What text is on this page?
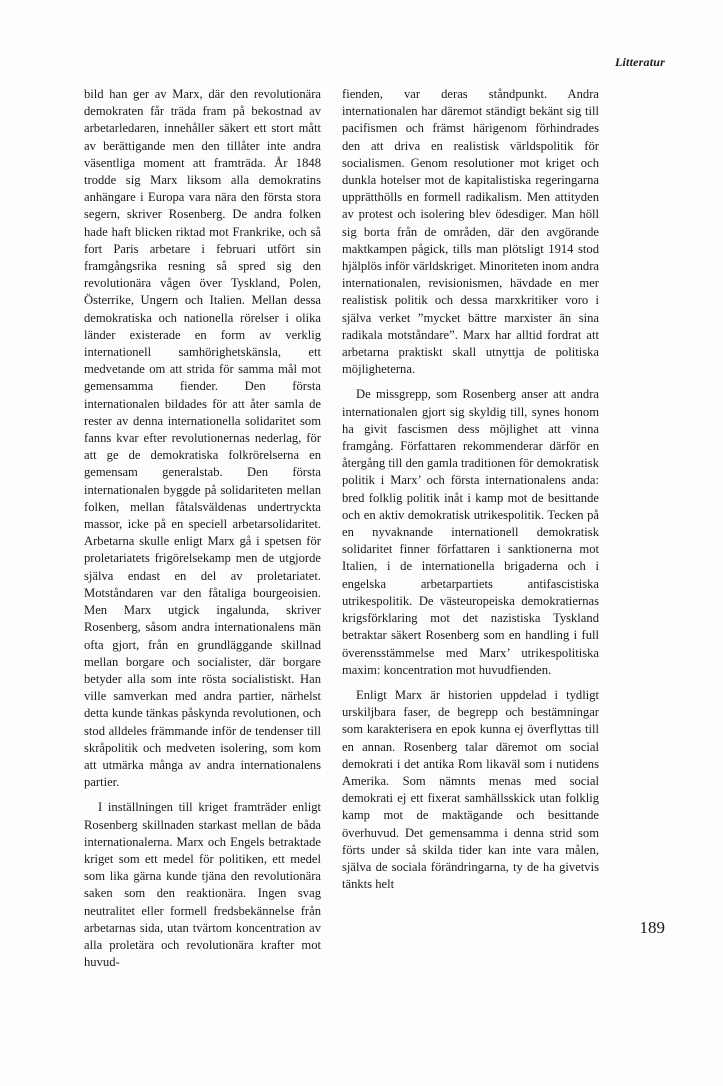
Litteratur

bild han ger av Marx, där den revolutionära demokraten får träda fram på bekostnad av arbetarledaren, innehåller säkert ett stort mått av berättigande men den tillåter inte andra väsentliga moment att framträda. År 1848 trodde sig Marx liksom alla demokratins anhängare i Europa vara nära den första stora segern, skriver Rosenberg. De andra folken hade haft blicken riktad mot Frankrike, och så fort Paris arbetare i februari utfört sin framgångsrika resning så spred sig den revolutionära vågen över Tyskland, Polen, Österrike, Ungern och Italien. Mellan dessa demokratiska och nationella rörelser i olika länder existerade en form av verklig internationell samhörighetskänsla, ett medvetande om att strida för samma mål mot gemensamma fiender. Den första internationalen bildades för att åter samla de rester av denna internationella solidaritet som fanns kvar efter revolutionernas nederlag, för att ge de demokratiska folkrörelserna en gemensam generalstab. Den första internationalen byggde på solidariteten mellan folken, mellan fåtalsväldenas undertryckta massor, icke på en speciell arbetarsolidaritet. Arbetarna skulle enligt Marx gå i spetsen för proletariatets frigörelsekamp men de utgjorde själva endast en del av proletariatet. Motståndaren var den fåtaliga bourgeoisien. Men Marx utgick ingalunda, skriver Rosenberg, såsom andra internationalens män ofta gjort, från en grundläggande skillnad mellan borgare och socialister, där borgare betyder alla som inte rösta socialistiskt. Han ville samverkan med andra partier, närhelst detta kunde tänkas påskynda revolutionen, och stod alldeles främmande inför de tendenser till skråpolitik och medveten isolering, som kom att utmärka många av andra internationalens partier.

I inställningen till kriget framträder enligt Rosenberg skillnaden starkast mellan de båda internationalerna. Marx och Engels betraktade kriget som ett medel för politiken, ett medel som lika gärna kunde tjäna den revolutionära saken som den reaktionära. Ingen svag neutralitet eller formell fredsbekännelse från arbetarnas sida, utan tvärtom koncentration av alla proletära och revolutionära krafter mot huvud-

fienden, var deras ståndpunkt. Andra internationalen har däremot ständigt bekänt sig till pacifismen och främst härigenom förhindrades den att driva en realistisk världspolitik för socialismen. Genom resolutioner mot kriget och dunkla hotelser mot de kapitalistiska regeringarna upprätthölls en formell radikalism. Men attityden av protest och isolering blev ödesdiger. Man höll sig borta från de områden, där den avgörande maktkampen pågick, tills man plötsligt 1914 stod hjälplös inför världskriget. Minoriteten inom andra internationalen, revisionismen, hävdade en mer realistisk politik och dessa marxkritiker voro i själva verket ”mycket bättre marxister än sina radikala motståndare”. Marx har alltid fordrat att arbetarna praktiskt skall utnyttja de politiska möjligheterna.

De missgrepp, som Rosenberg anser att andra internationalen gjort sig skyldig till, synes honom ha givit fascismen dess möjlighet att vinna framgång. Författaren rekommenderar därför en återgång till den gamla traditionen för demokratisk politik i Marx’ och första internationalens anda: bred folklig politik inåt i kamp mot de besittande och en aktiv demokratisk utrikespolitik. Tecken på en nyvaknande internationell demokratisk solidaritet finner författaren i sanktionerna mot Italien, i de internationella brigaderna och i engelska arbetarpartiets antifascistiska utrikespolitik. De västeuropeiska demokratiernas krigsförklaring mot det nazistiska Tyskland betraktar säkert Rosenberg som en handling i full överensstämmelse med Marx’ utrikespolitiska maxim: koncentration mot huvudfienden.

Enligt Marx är historien uppdelad i tydligt urskiljbara faser, de begrepp och bestämningar som karakterisera en epok kunna ej överflyttas till en annan. Rosenberg talar däremot om social demokrati i det antika Rom likaväl som i nutidens Amerika. Som nämnts menas med social demokrati ej ett fixerat samhällsskick utan folklig kamp mot de maktägande och besittande överhuvud. Det gemensamma i denna strid som förts under så skilda tider kan inte vara målen, själva de sociala förändringarna, ty de ha givetvis tänkts helt

189
